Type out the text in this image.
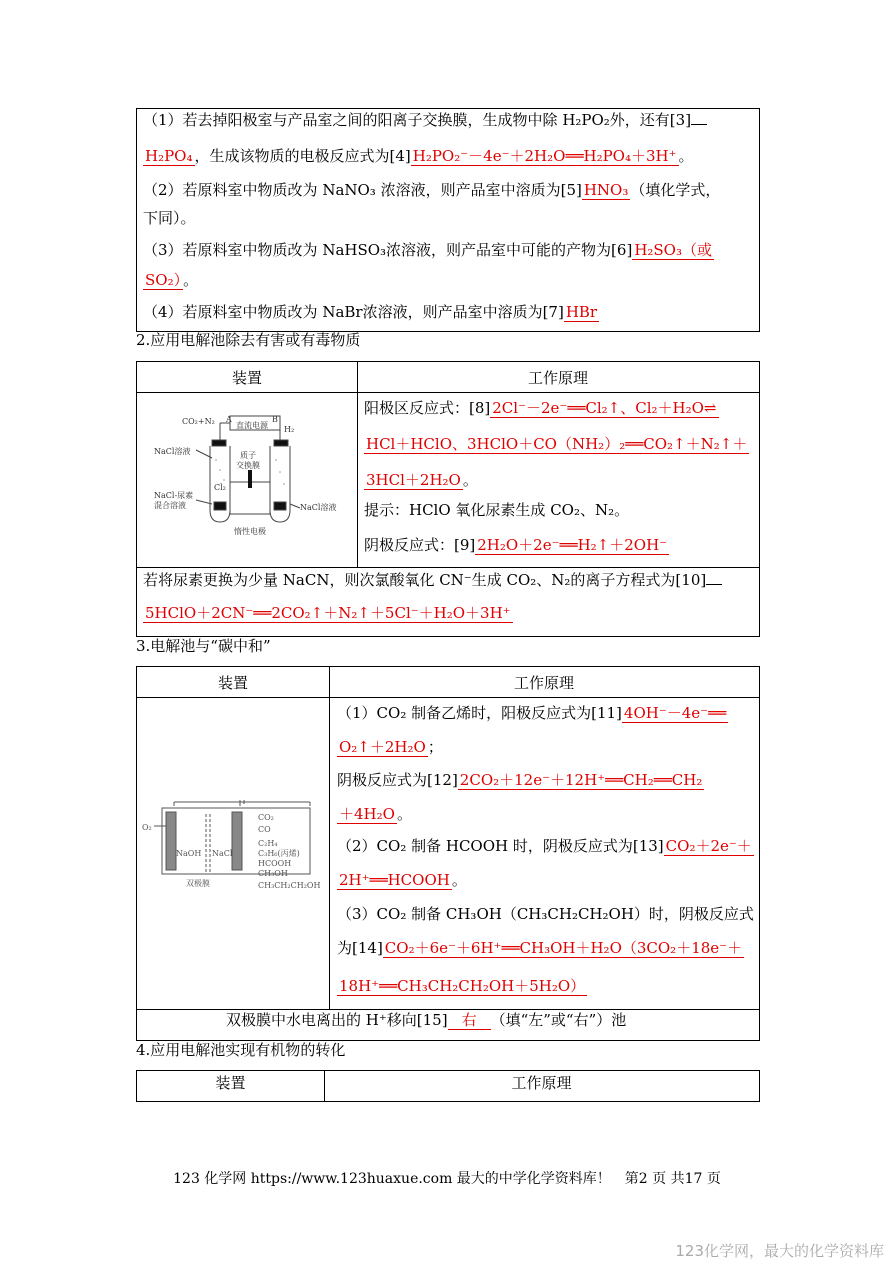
（1）若去掉阳极室与产品室之间的阳离子交换膜，生成物中除 H₂PO₂外，还有[3]
H₂PO₄ ，生成该物质的电极反应式为[4] H₂PO₂⁻－4e⁻＋2H₂O══H₂PO₄＋3H⁺ 。
（2）若原料室中物质改为 NaNO₃ 浓溶液，则产品室中溶质为[5] HNO₃ （填化学式，
下同）。
（3）若原料室中物质改为 NaHSO₃浓溶液，则产品室中可能的产物为[6] H₂SO₃（或
SO₂） 。
（4）若原料室中物质改为 NaBr浓溶液，则产品室中溶质为[7] HBr
2.应用电解池除去有害或有毒物质
装置	工作原理
CO₂+N₂ A	B
直流电源 H₂
NaCl溶液	质子
交换膜
Cl₂
NaCl-尿素
混合溶液	NaCl溶液
惰性电极
阳极区反应式：[8] 2Cl⁻－2e⁻══Cl₂↑、Cl₂＋H₂O⇌
HCl＋HClO、3HClO＋CO（NH₂）₂══CO₂↑＋N₂↑＋
3HCl＋2H₂O 。
提示：HClO 氧化尿素生成 CO₂、N₂。
阴极反应式：[9] 2H₂O＋2e⁻══H₂↑＋2OH⁻
若将尿素更换为少量 NaCN，则次氯酸氧化 CN⁻生成 CO₂、N₂的离子方程式为[10]
5HClO＋2CN⁻══2CO₂↑＋N₂↑＋5Cl⁻＋H₂O＋3H⁺
3.电解池与“碳中和”
装置	工作原理
O₂
NaOH NaCl
CO₂
CO
C₂H₄
C₃H₆(丙烯)
HCOOH
CH₃OH
CH₃CH₂CH₂OH
双极膜
（1）CO₂ 制备乙烯时，阳极反应式为[11] 4OH⁻－4e⁻══
O₂↑＋2H₂O ；
阴极反应式为[12] 2CO₂＋12e⁻＋12H⁺══CH₂══CH₂
＋4H₂O 。
（2）CO₂ 制备 HCOOH 时，阴极反应式为[13] CO₂＋2e⁻＋
2H⁺══HCOOH 。
（3）CO₂ 制备 CH₃OH（CH₃CH₂CH₂OH）时，阴极反应式
为[14] CO₂＋6e⁻＋6H⁺══CH₃OH＋H₂O（3CO₂＋18e⁻＋
18H⁺══CH₃CH₂CH₂OH＋5H₂O）
双极膜中水电离出的 H⁺移向[15] 右 （填“左”或“右”）池
4.应用电解池实现有机物的转化
装置	工作原理
123 化学网 https://www.123huaxue.com 最大的中学化学资料库！　第2 页 共17 页
123化学网，最大的化学资料库
